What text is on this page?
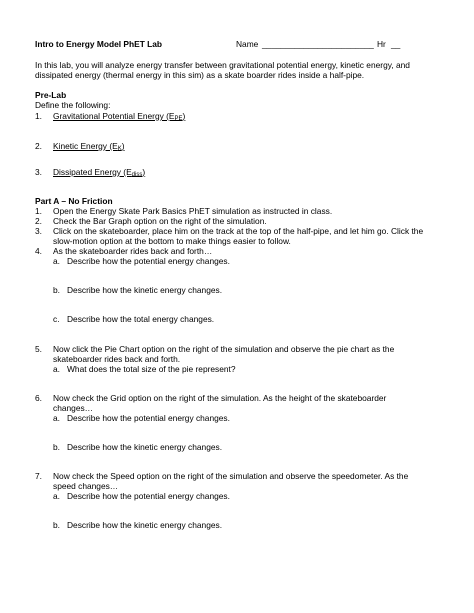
Intro to Energy Model PhET Lab	Name ________________________ Hr __
In this lab, you will analyze energy transfer between gravitational potential energy, kinetic energy, and
dissipated energy (thermal energy in this sim) as a skate boarder rides inside a half-pipe.
Pre-Lab
Define the following:
1. Gravitational Potential Energy (EPE)
2. Kinetic Energy (EK)
3. Dissipated Energy (Ediss)
Part A – No Friction
1. Open the Energy Skate Park Basics PhET simulation as instructed in class.
2. Check the Bar Graph option on the right of the simulation.
3. Click on the skateboarder, place him on the track at the top of the half-pipe, and let him go. Click the
slow-motion option at the bottom to make things easier to follow.
4. As the skateboarder rides back and forth…
a. Describe how the potential energy changes.
b. Describe how the kinetic energy changes.
c. Describe how the total energy changes.
5. Now click the Pie Chart option on the right of the simulation and observe the pie chart as the
skateboarder rides back and forth.
a. What does the total size of the pie represent?
6. Now check the Grid option on the right of the simulation. As the height of the skateboarder
changes…
a. Describe how the potential energy changes.
b. Describe how the kinetic energy changes.
7. Now check the Speed option on the right of the simulation and observe the speedometer. As the
speed changes…
a. Describe how the potential energy changes.
b. Describe how the kinetic energy changes.
